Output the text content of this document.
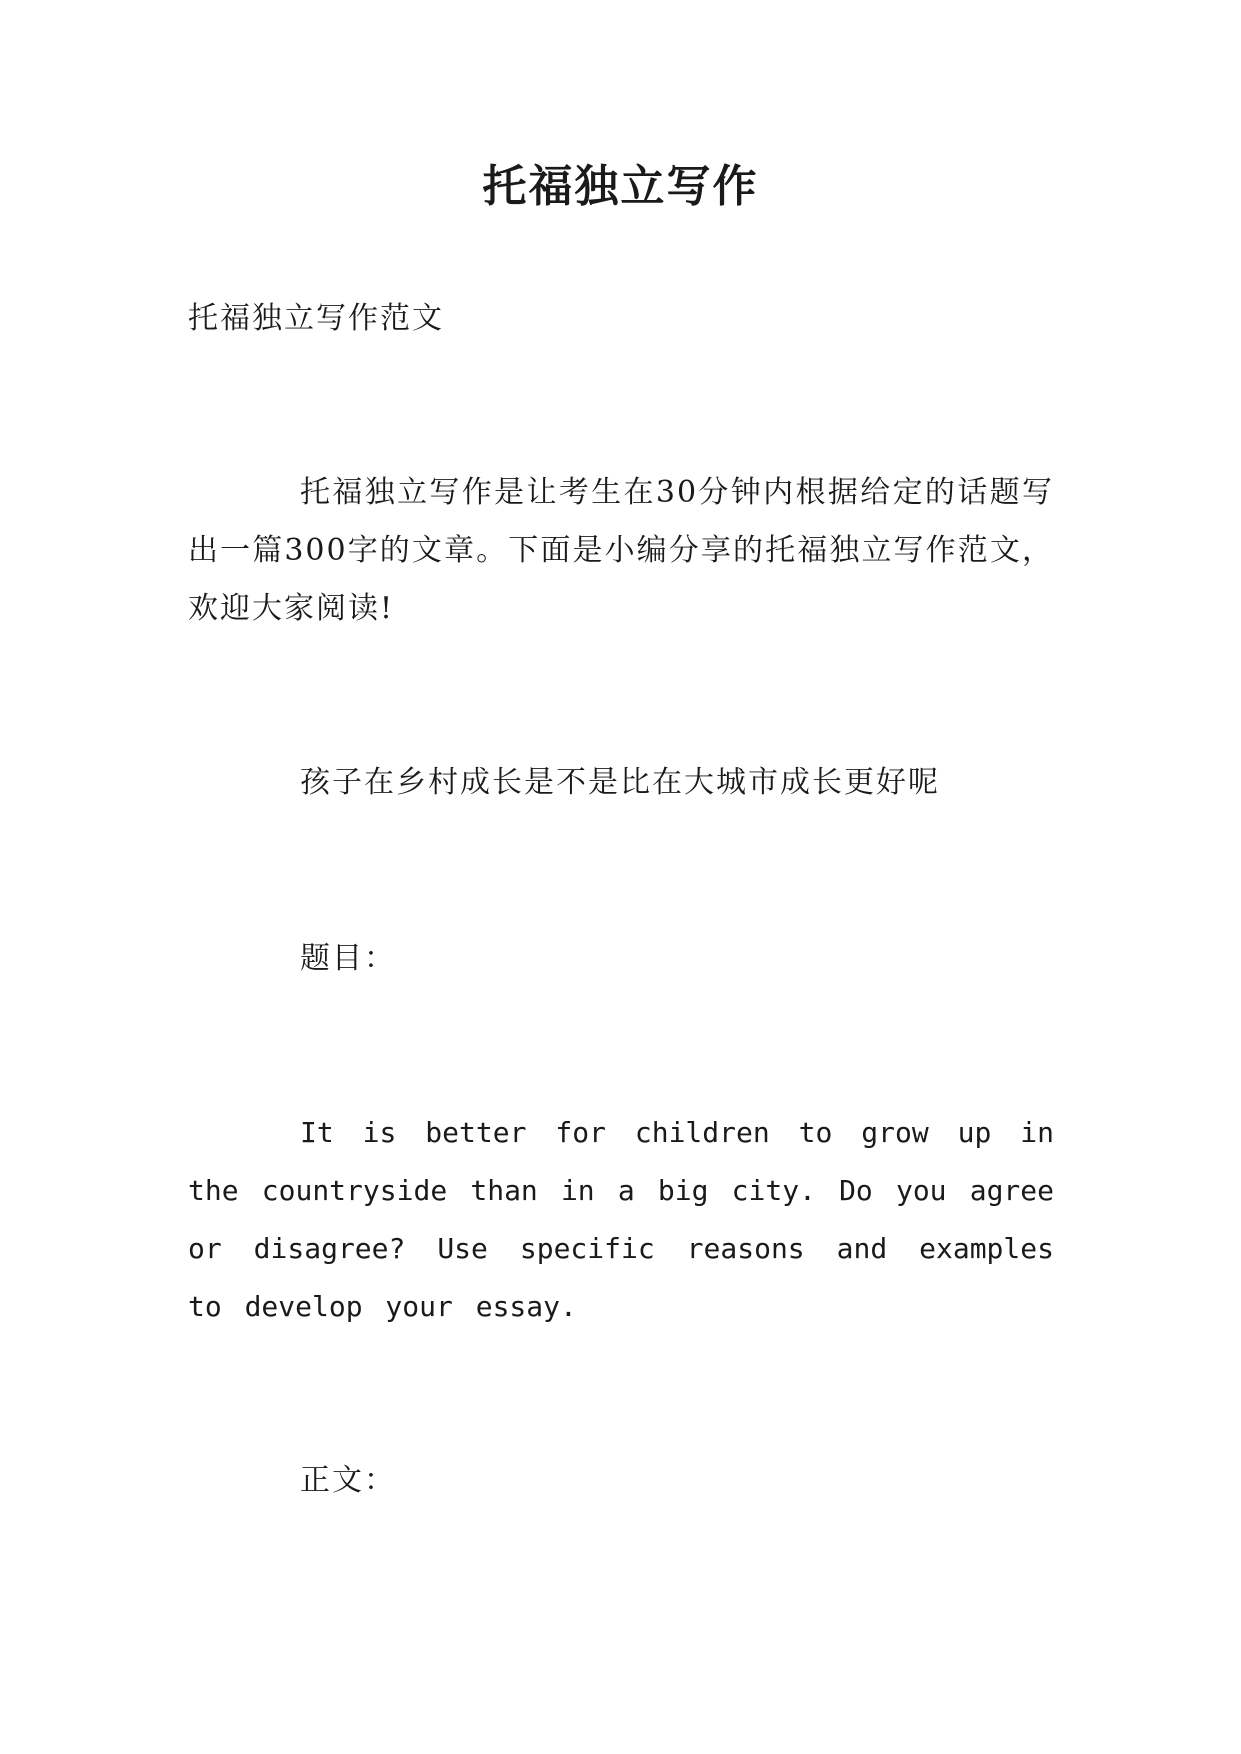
托福独立写作

托福独立写作范文

托福独立写作是让考生在30分钟内根据给定的话题写出一篇300字的文章。下面是小编分享的托福独立写作范文，欢迎大家阅读!

孩子在乡村成长是不是比在大城市成长更好呢

题目：

It is better for children to grow up in the countryside than in a big city. Do you agree or disagree? Use specific reasons and examples to develop your essay.

正文：
